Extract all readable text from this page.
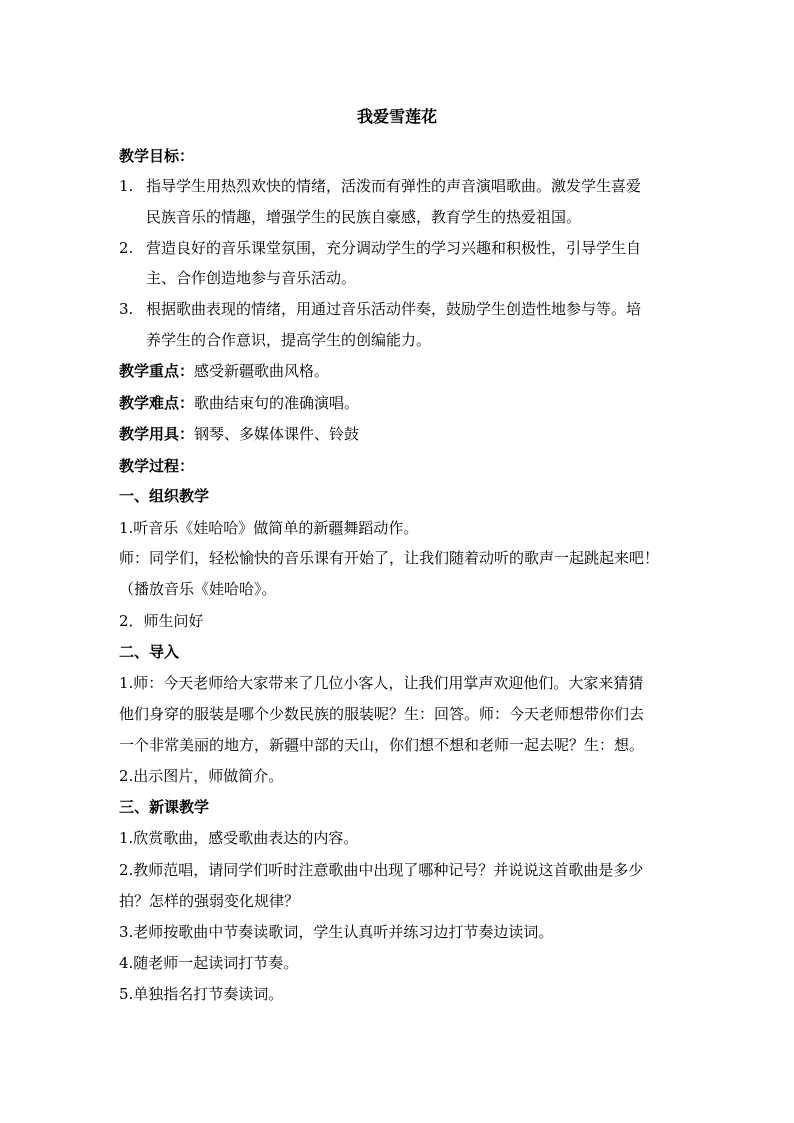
我爱雪莲花
教学目标：
1. 指导学生用热烈欢快的情绪，活泼而有弹性的声音演唱歌曲。激发学生喜爱
民族音乐的情趣，增强学生的民族自豪感，教育学生的热爱祖国。
2. 营造良好的音乐课堂氛围，充分调动学生的学习兴趣和积极性，引导学生自
主、合作创造地参与音乐活动。
3. 根据歌曲表现的情绪，用通过音乐活动伴奏，鼓励学生创造性地参与等。培
养学生的合作意识，提高学生的创编能力。
教学重点：感受新疆歌曲风格。
教学难点：歌曲结束句的准确演唱。
教学用具：钢琴、多媒体课件、铃鼓
教学过程：
一、组织教学
1.听音乐《娃哈哈》做简单的新疆舞蹈动作。
师：同学们，轻松愉快的音乐课有开始了，让我们随着动听的歌声一起跳起来吧！
（播放音乐《娃哈哈》。
2．师生问好
二、导入
1.师：今天老师给大家带来了几位小客人，让我们用掌声欢迎他们。大家来猜猜
他们身穿的服装是哪个少数民族的服装呢？生：回答。师：今天老师想带你们去
一个非常美丽的地方，新疆中部的天山，你们想不想和老师一起去呢？生：想。
2.出示图片，师做简介。
三、新课教学
1.欣赏歌曲，感受歌曲表达的内容。
2.教师范唱，请同学们听时注意歌曲中出现了哪种记号？并说说这首歌曲是多少
拍？怎样的强弱变化规律？
3.老师按歌曲中节奏读歌词，学生认真听并练习边打节奏边读词。
4.随老师一起读词打节奏。
5.单独指名打节奏读词。
